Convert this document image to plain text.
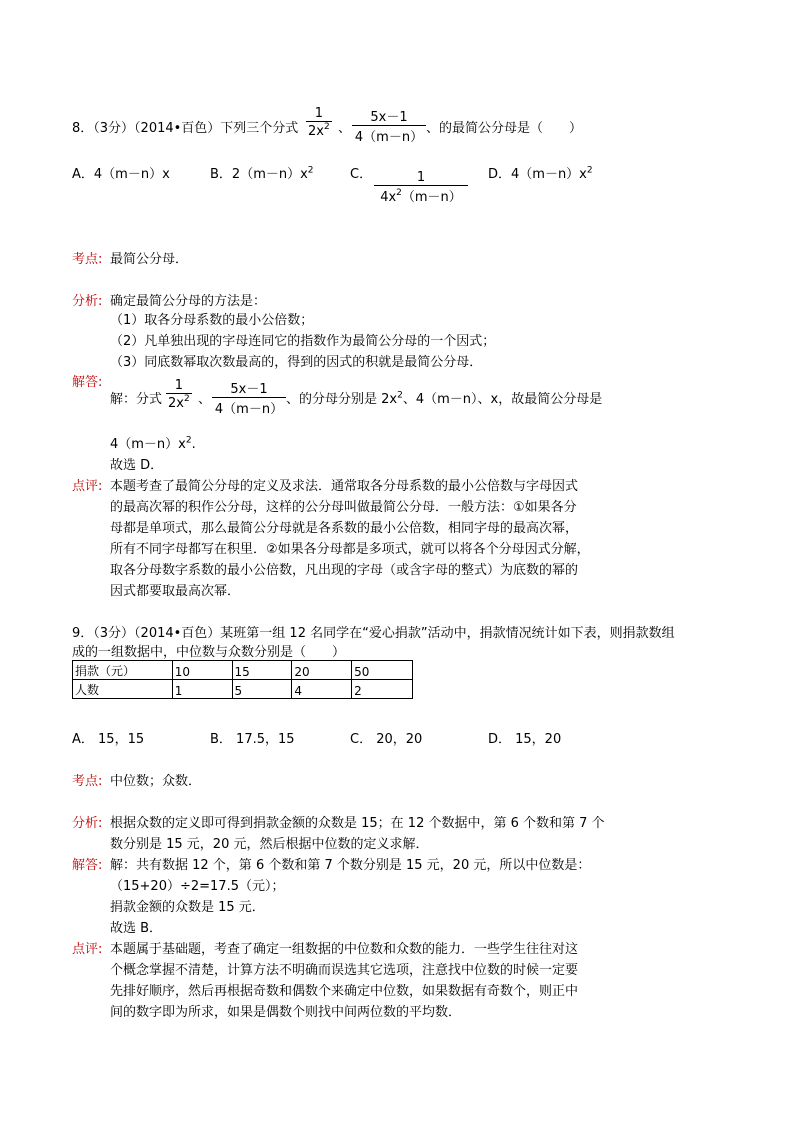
8．（3分）（2014•百色）下列三个分式 $\frac{1}{2x^2}$ 、 $\frac{5x-1}{4(m-n)}$ 、的最简公分母是（　　）
A．4（m－n）x	B．$2(m-n)x^2$	C． $\frac{1}{4x^2(m-n)}$ D．$4(m-n)x^2$
考点: 最简公分母．
分析: 确定最简公分母的方法是：
（1）取各分母系数的最小公倍数；
（2）凡单独出现的字母连同它的指数作为最简公分母的一个因式；
（3）同底数幂取次数最高的，得到的因式的积就是最简公分母．
解答:
解：分式 $\frac{1}{2x^2}$ 、 $\frac{5x-1}{4(m-n)}$ 、的分母分别是 $2x^2$、4（m－n）、x，故最简公分母是
$4(m-n)x^2$.
故选 D．
点评: 本题考查了最简公分母的定义及求法．通常取各分母系数的最小公倍数与字母因式
的最高次幂的积作公分母，这样的公分母叫做最简公分母．一般方法：①如果各分
母都是单项式，那么最简公分母就是各系数的最小公倍数，相同字母的最高次幂，
所有不同字母都写在积里．②如果各分母都是多项式，就可以将各个分母因式分解，
取各分母数字系数的最小公倍数，凡出现的字母（或含字母的整式）为底数的幂的
因式都要取最高次幂．
9．（3分）（2014•百色）某班第一组 12 名同学在“爱心捐款”活动中，捐款情况统计如下表，则捐款数组
成的一组数据中，中位数与众数分别是（　　）
捐款（元）	10	15	20	50
人数	1	5	4	2
A． 15，15	B． 17.5，15	C． 20，20	D． 15，20
考点: 中位数；众数．
分析: 根据众数的定义即可得到捐款金额的众数是 15；在 12 个数据中，第 6 个数和第 7 个
数分别是 15 元，20 元，然后根据中位数的定义求解．
解答: 解：共有数据 12 个，第 6 个数和第 7 个数分别是 15 元，20 元，所以中位数是：
（15+20）÷2=17.5（元）；
捐款金额的众数是 15 元．
故选 B．
点评: 本题属于基础题，考查了确定一组数据的中位数和众数的能力．一些学生往往对这
个概念掌握不清楚，计算方法不明确而误选其它选项，注意找中位数的时候一定要
先排好顺序，然后再根据奇数和偶数个来确定中位数，如果数据有奇数个，则正中
间的数字即为所求，如果是偶数个则找中间两位数的平均数．
